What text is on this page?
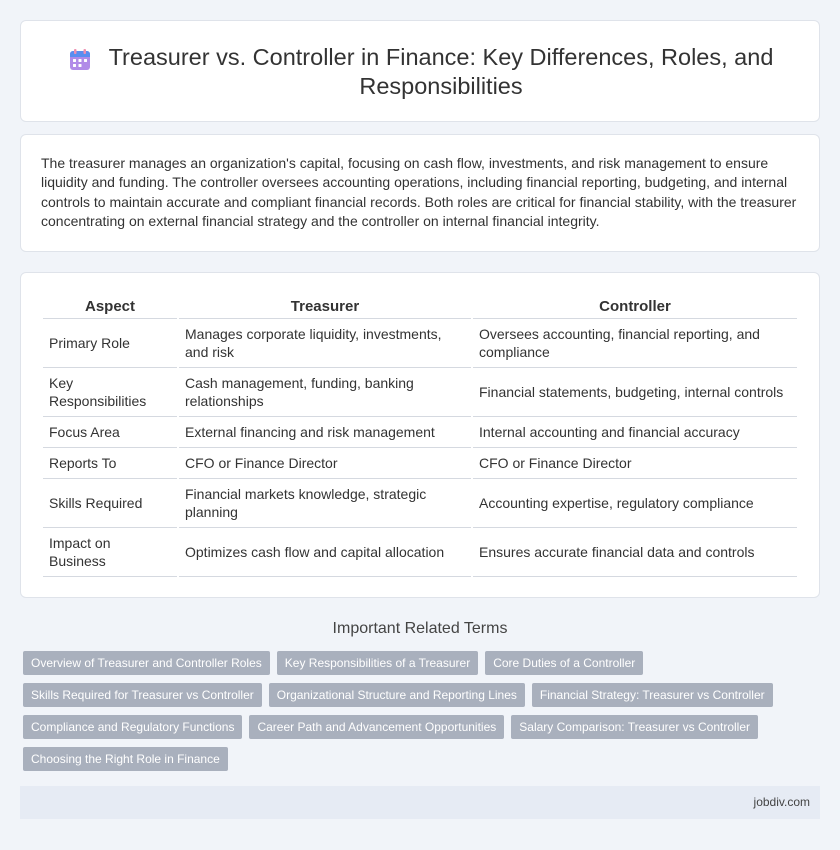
Treasurer vs. Controller in Finance: Key Differences, Roles, and Responsibilities

The treasurer manages an organization's capital, focusing on cash flow, investments, and risk management to ensure liquidity and funding. The controller oversees accounting operations, including financial reporting, budgeting, and internal controls to maintain accurate and compliant financial records. Both roles are critical for financial stability, with the treasurer concentrating on external financial strategy and the controller on internal financial integrity.

Aspect	Treasurer	Controller
Primary Role	Manages corporate liquidity, investments, and risk	Oversees accounting, financial reporting, and compliance
Key Responsibilities	Cash management, funding, banking relationships	Financial statements, budgeting, internal controls
Focus Area	External financing and risk management	Internal accounting and financial accuracy
Reports To	CFO or Finance Director	CFO or Finance Director
Skills Required	Financial markets knowledge, strategic planning	Accounting expertise, regulatory compliance
Impact on Business	Optimizes cash flow and capital allocation	Ensures accurate financial data and controls
Important Related Terms
Overview of Treasurer and Controller Roles	Key Responsibilities of a Treasurer	Core Duties of a Controller
Skills Required for Treasurer vs Controller	Organizational Structure and Reporting Lines	Financial Strategy: Treasurer vs Controller
Compliance and Regulatory Functions	Career Path and Advancement Opportunities	Salary Comparison: Treasurer vs Controller
Choosing the Right Role in Finance
jobdiv.com
